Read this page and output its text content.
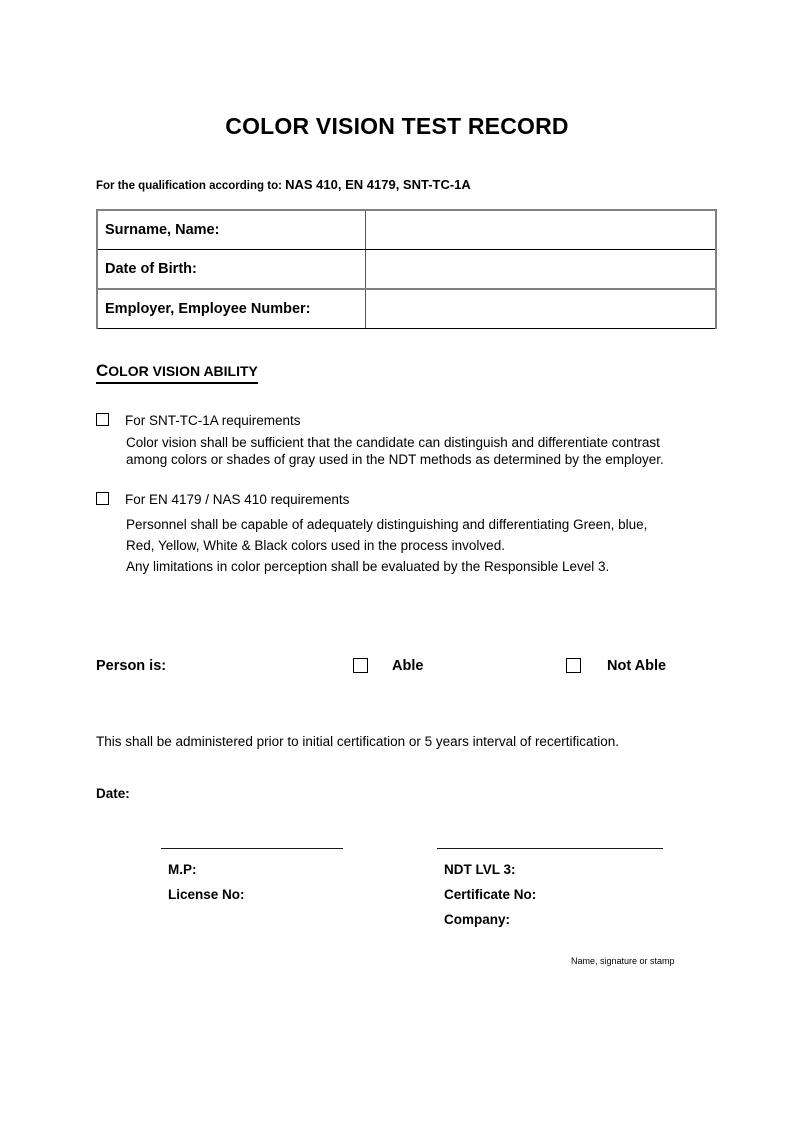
COLOR VISION TEST RECORD
For the qualification according to: NAS 410, EN 4179, SNT-TC-1A
Surname, Name:	
Date of Birth:	
Employer, Employee Number:	
COLOR VISION ABILITY
For SNT-TC-1A requirements
Color vision shall be sufficient that the candidate can distinguish and differentiate contrast
among colors or shades of gray used in the NDT methods as determined by the employer.
For EN 4179 / NAS 410 requirements
Personnel shall be capable of adequately distinguishing and differentiating Green, blue,
Red, Yellow, White & Black colors used in the process involved.
Any limitations in color perception shall be evaluated by the Responsible Level 3.
Person is:	Able	Not Able
This shall be administered prior to initial certification or 5 years interval of recertification.
Date:
M.P:
License No:
NDT LVL 3:
Certificate No:
Company:
Name, signature or stamp
